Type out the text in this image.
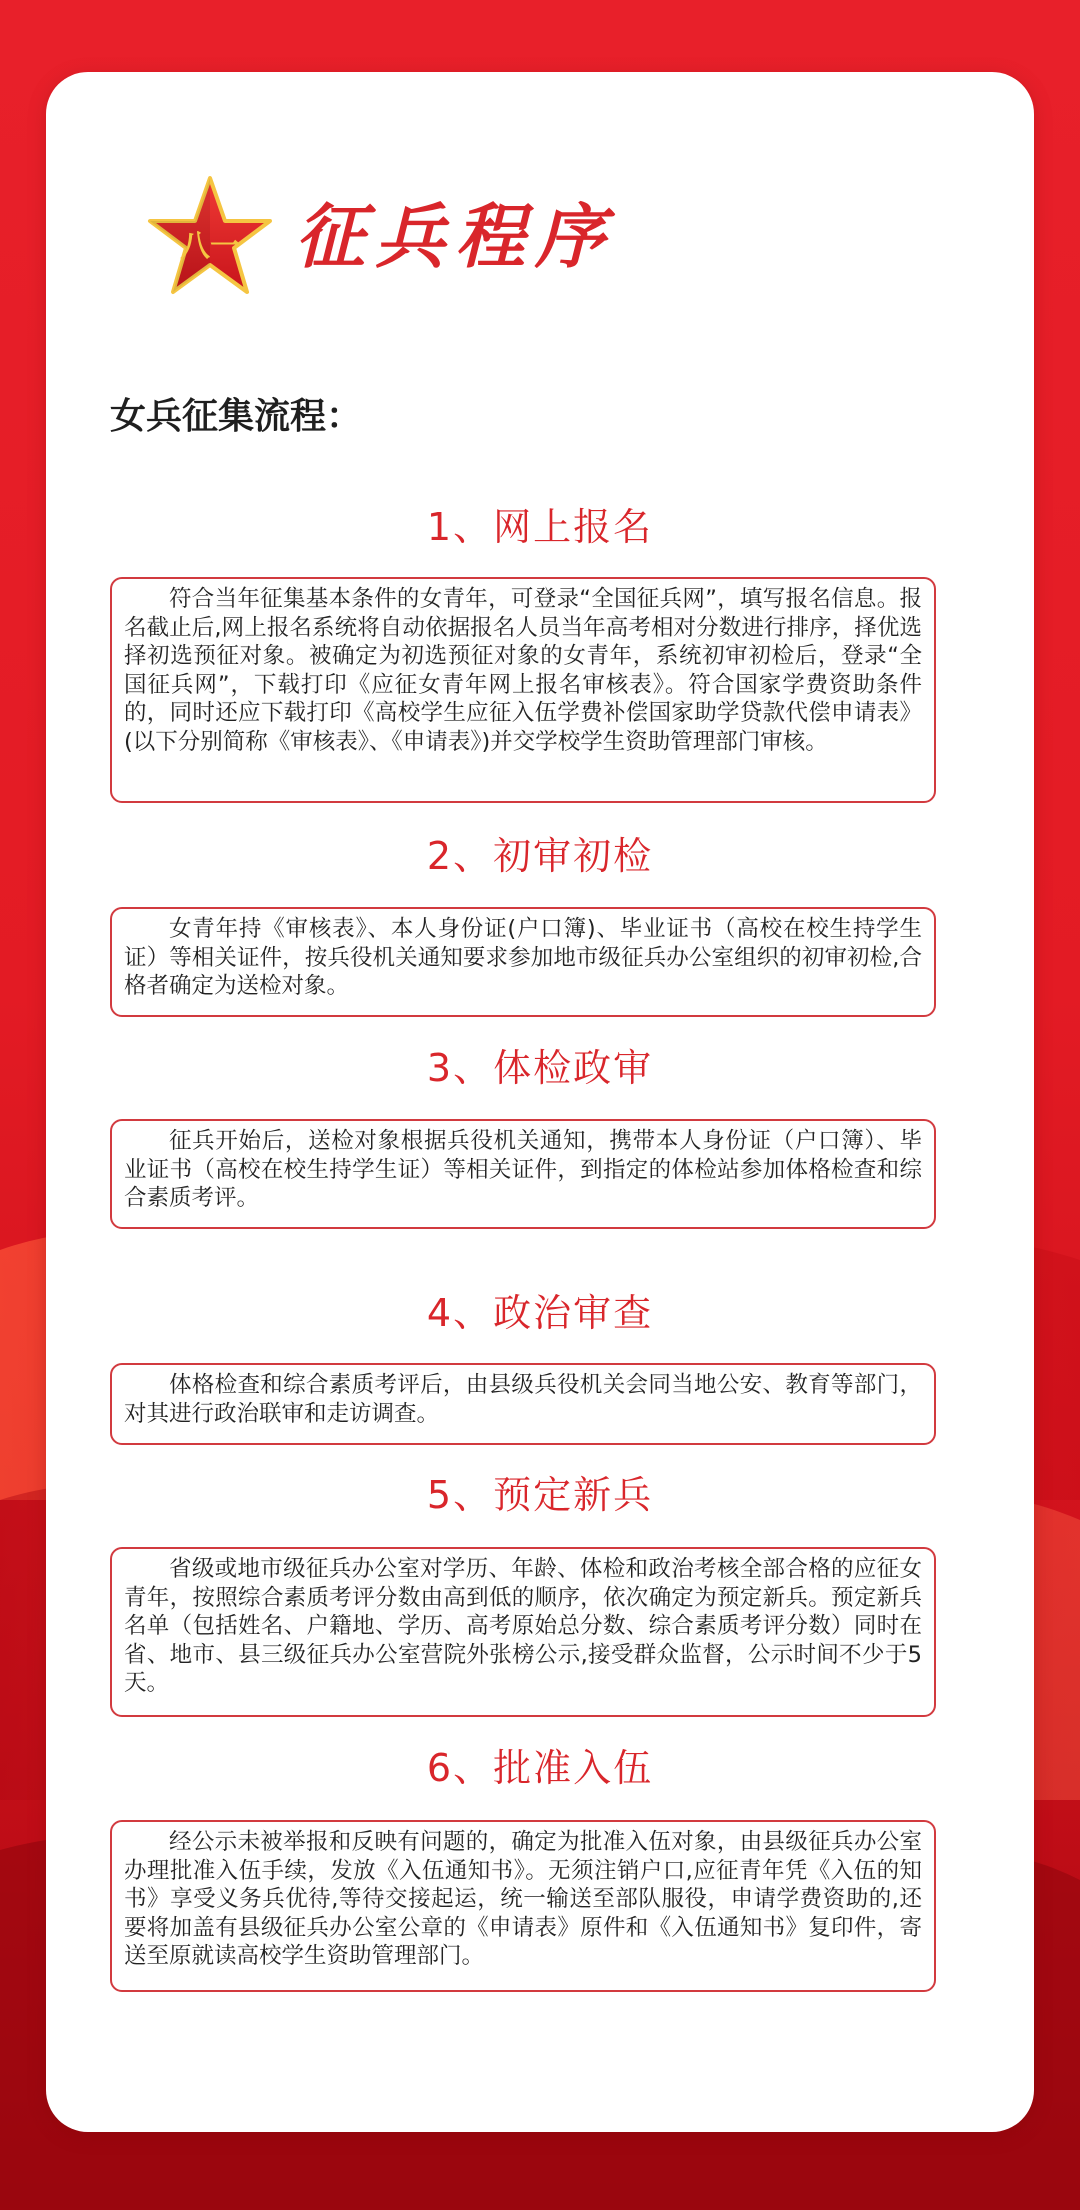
八一 征兵程序
女兵征集流程：
1、网上报名
符合当年征集基本条件的女青年，可登录“全国征兵网”，填写报名信息。报名截止后,网上报名系统将自动依据报名人员当年高考相对分数进行排序，择优选择初选预征对象。被确定为初选预征对象的女青年，系统初审初检后，登录“全国征兵网”，下载打印《应征女青年网上报名审核表》。符合国家学费资助条件的，同时还应下载打印《高校学生应征入伍学费补偿国家助学贷款代偿申请表》(以下分别简称《审核表》、《申请表》)并交学校学生资助管理部门审核。
2、初审初检
女青年持《审核表》、本人身份证(户口簿)、毕业证书（高校在校生持学生证）等相关证件，按兵役机关通知要求参加地市级征兵办公室组织的初审初检,合格者确定为送检对象。
3、体检政审
征兵开始后，送检对象根据兵役机关通知，携带本人身份证（户口簿）、毕业证书（高校在校生持学生证）等相关证件，到指定的体检站参加体格检查和综合素质考评。
4、政治审查
体格检查和综合素质考评后，由县级兵役机关会同当地公安、教育等部门，对其进行政治联审和走访调查。
5、预定新兵
省级或地市级征兵办公室对学历、年龄、体检和政治考核全部合格的应征女青年，按照综合素质考评分数由高到低的顺序，依次确定为预定新兵。预定新兵名单（包括姓名、户籍地、学历、高考原始总分数、综合素质考评分数）同时在省、地市、县三级征兵办公室营院外张榜公示,接受群众监督，公示时间不少于5天。
6、批准入伍
经公示未被举报和反映有问题的，确定为批准入伍对象，由县级征兵办公室办理批准入伍手续，发放《入伍通知书》。无须注销户口,应征青年凭《入伍的知书》享受义务兵优待,等待交接起运，统一输送至部队服役，申请学费资助的,还要将加盖有县级征兵办公室公章的《申请表》原件和《入伍通知书》复印件，寄送至原就读高校学生资助管理部门。
